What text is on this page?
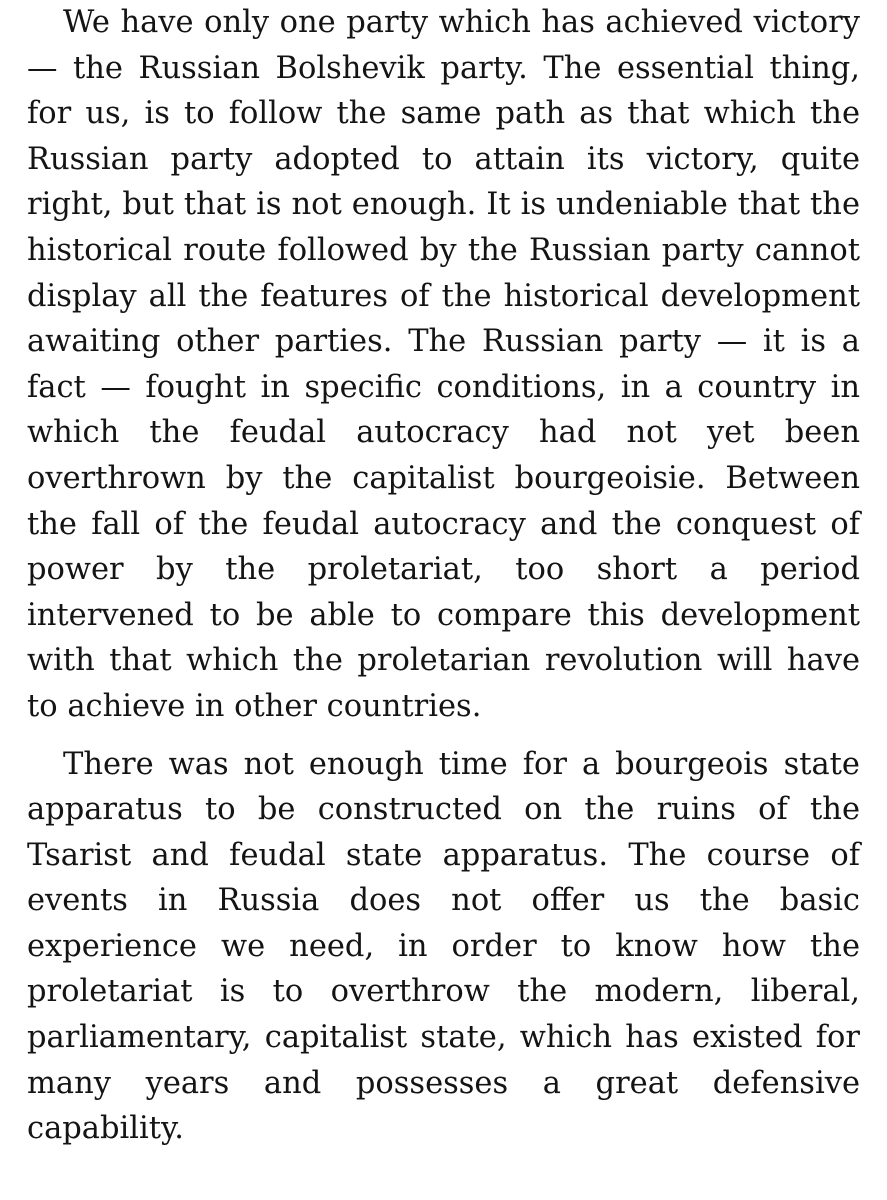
We have only one party which has achieved victory — the Russian Bolshevik party. The essential thing, for us, is to follow the same path as that which the Russian party adopted to attain its victory, quite right, but that is not enough. It is undeniable that the historical route followed by the Russian party cannot display all the features of the historical development awaiting other parties. The Russian party — it is a fact — fought in specific conditions, in a country in which the feudal autocracy had not yet been overthrown by the capitalist bourgeoisie. Between the fall of the feudal autocracy and the conquest of power by the proletariat, too short a period intervened to be able to compare this development with that which the proletarian revolution will have to achieve in other countries.

There was not enough time for a bourgeois state apparatus to be constructed on the ruins of the Tsarist and feudal state apparatus. The course of events in Russia does not offer us the basic experience we need, in order to know how the proletariat is to overthrow the modern, liberal, parliamentary, capitalist state, which has existed for many years and possesses a great defensive capability.
